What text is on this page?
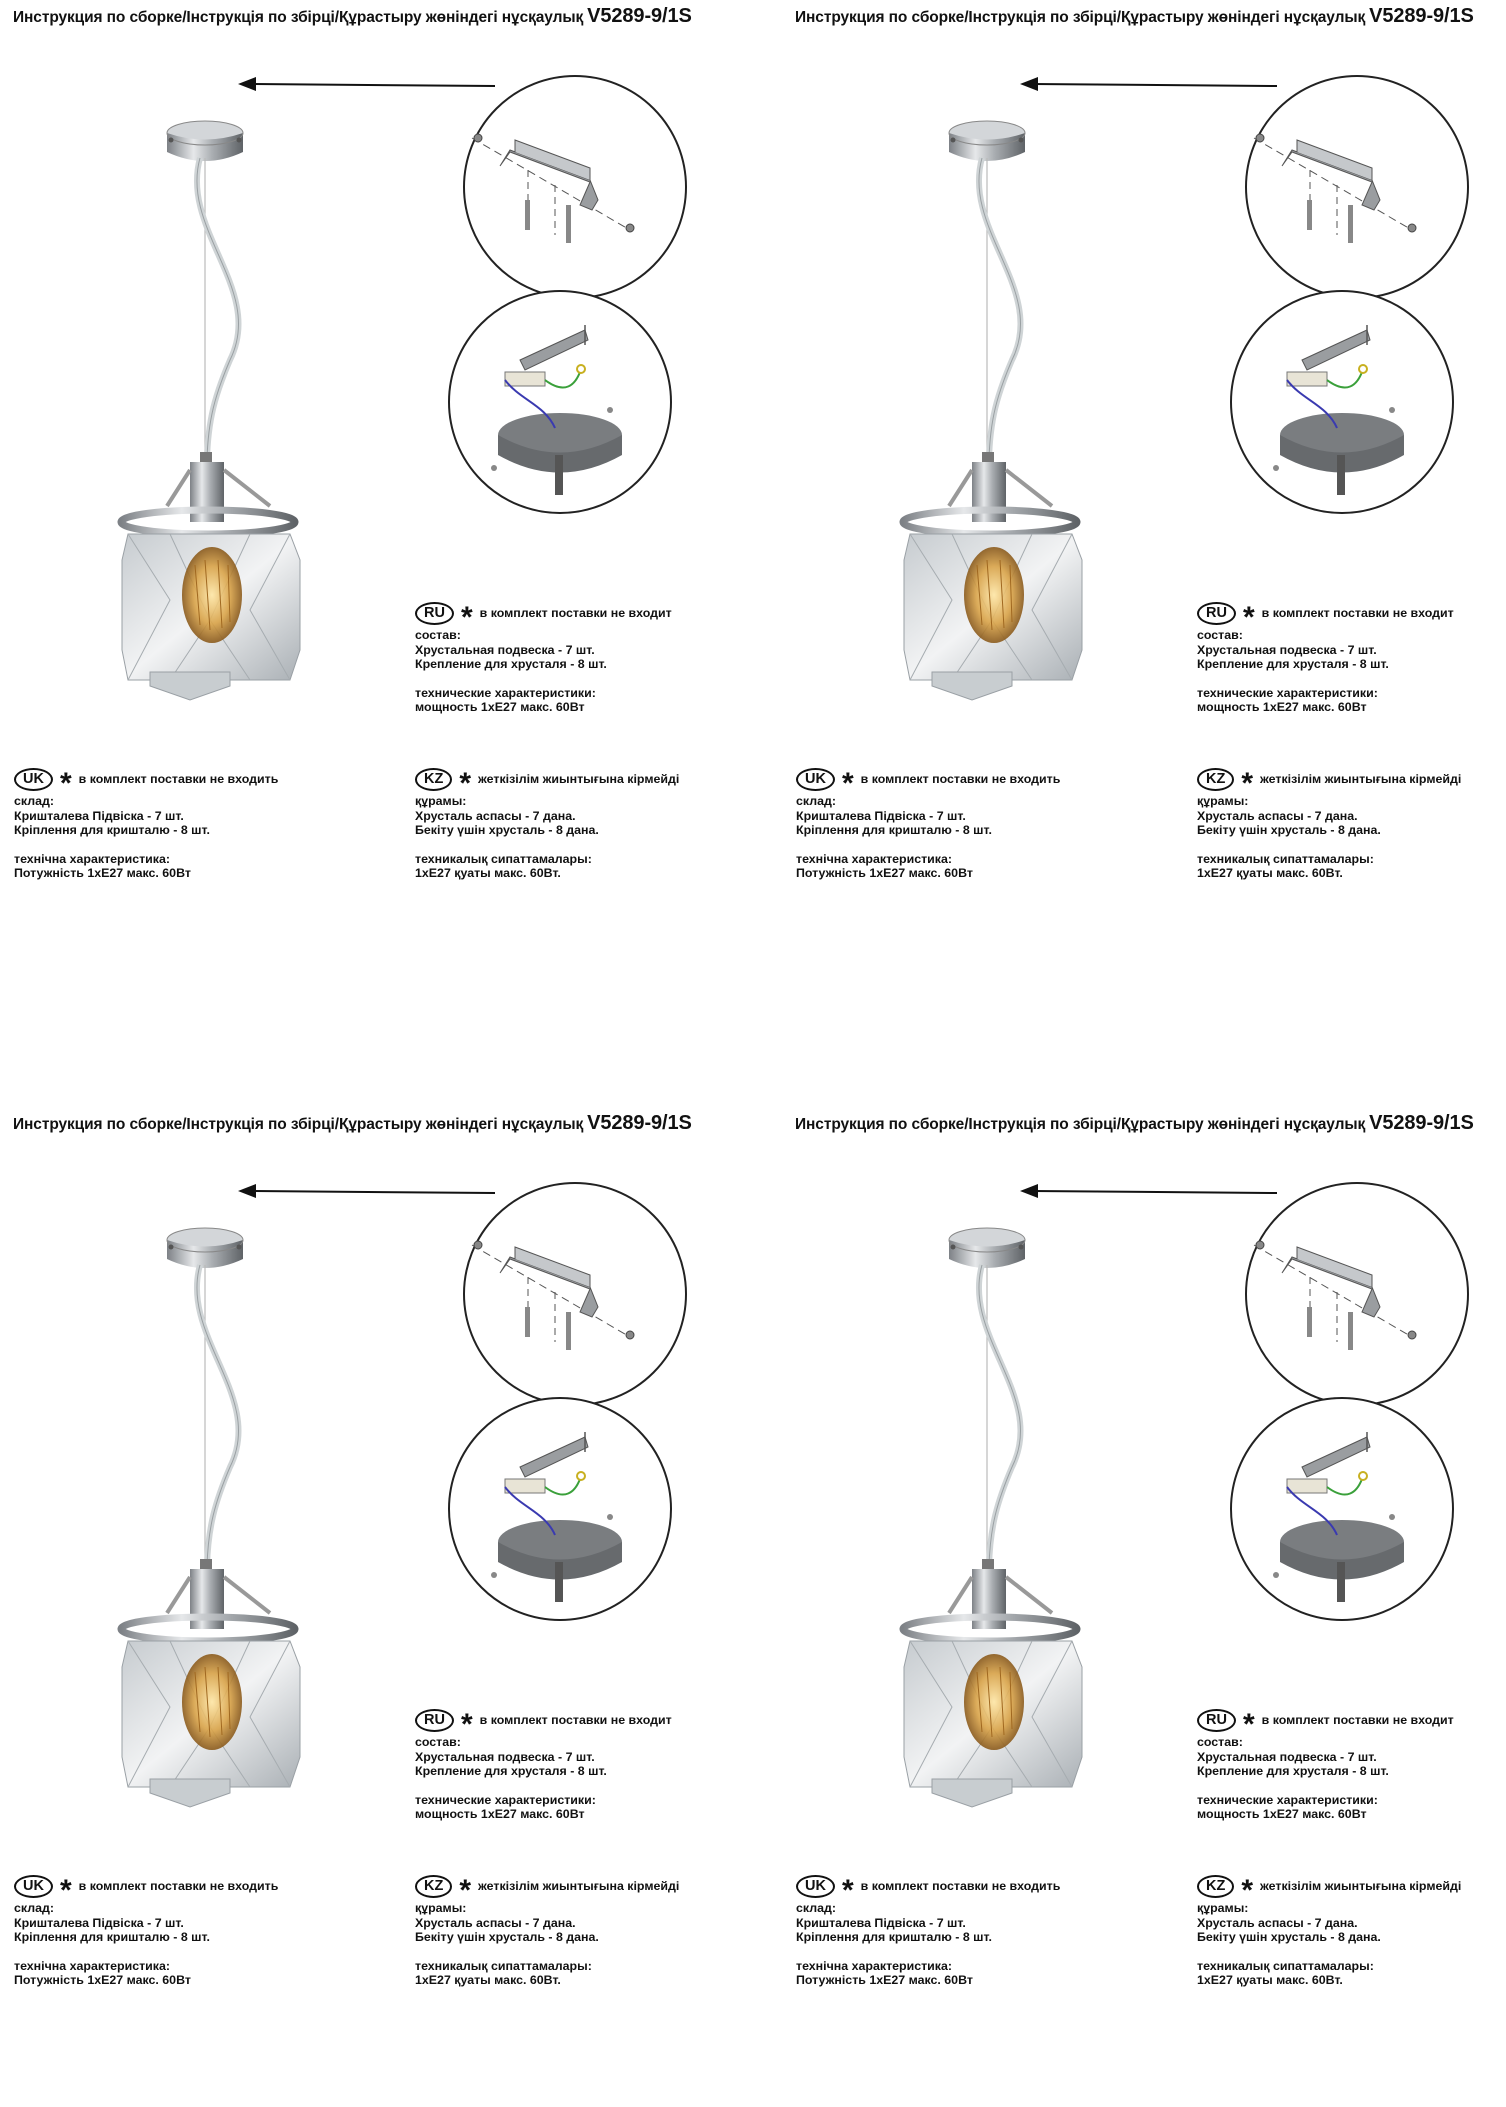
Инструкция по сборке/Інструкція по збірці/Құрастыру жөніндегі нұсқаулық V5289-9/1S
RU * в комплект поставки не входит
состав:
Хрустальная подвеска - 7 шт.
Крепление для хрусталя - 8 шт.
технические характеристики:
мощность 1xE27 макс. 60Вт
UK * в комплект поставки не входить
склад:
Кришталева Підвіска - 7 шт.
Кріплення для кришталю - 8 шт.
технічна характеристика:
Потужність 1xE27 макс. 60Вт
KZ * жеткізілім жиынтығына кірмейді
құрамы:
Хрусталь аспасы - 7 дана.
Бекіту үшін хрусталь - 8 дана.
техникалық сипаттамалары:
1xE27 қуаты макс. 60Вт.
Инструкция по сборке/Інструкція по збірці/Құрастыру жөніндегі нұсқаулық V5289-9/1S
RU * в комплект поставки не входит
состав:
Хрустальная подвеска - 7 шт.
Крепление для хрусталя - 8 шт.
технические характеристики:
мощность 1xE27 макс. 60Вт
UK * в комплект поставки не входить
склад:
Кришталева Підвіска - 7 шт.
Кріплення для кришталю - 8 шт.
технічна характеристика:
Потужність 1xE27 макс. 60Вт
KZ * жеткізілім жиынтығына кірмейді
құрамы:
Хрусталь аспасы - 7 дана.
Бекіту үшін хрусталь - 8 дана.
техникалық сипаттамалары:
1xE27 қуаты макс. 60Вт.
Инструкция по сборке/Інструкція по збірці/Құрастыру жөніндегі нұсқаулық V5289-9/1S
RU * в комплект поставки не входит
состав:
Хрустальная подвеска - 7 шт.
Крепление для хрусталя - 8 шт.
технические характеристики:
мощность 1xE27 макс. 60Вт
UK * в комплект поставки не входить
склад:
Кришталева Підвіска - 7 шт.
Кріплення для кришталю - 8 шт.
технічна характеристика:
Потужність 1xE27 макс. 60Вт
KZ * жеткізілім жиынтығына кірмейді
құрамы:
Хрусталь аспасы - 7 дана.
Бекіту үшін хрусталь - 8 дана.
техникалық сипаттамалары:
1xE27 қуаты макс. 60Вт.
Инструкция по сборке/Інструкція по збірці/Құрастыру жөніндегі нұсқаулық V5289-9/1S
RU * в комплект поставки не входит
состав:
Хрустальная подвеска - 7 шт.
Крепление для хрусталя - 8 шт.
технические характеристики:
мощность 1xE27 макс. 60Вт
UK * в комплект поставки не входить
склад:
Кришталева Підвіска - 7 шт.
Кріплення для кришталю - 8 шт.
технічна характеристика:
Потужність 1xE27 макс. 60Вт
KZ * жеткізілім жиынтығына кірмейді
құрамы:
Хрусталь аспасы - 7 дана.
Бекіту үшін хрусталь - 8 дана.
техникалық сипаттамалары:
1xE27 қуаты макс. 60Вт.
